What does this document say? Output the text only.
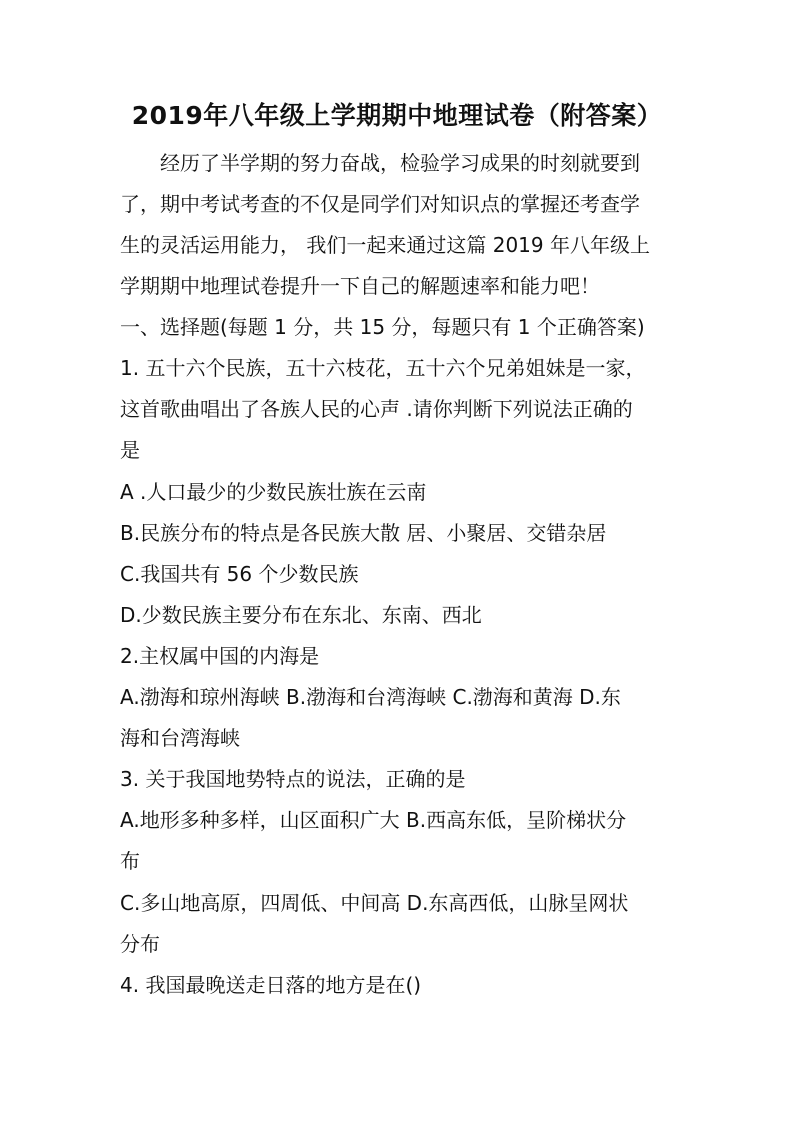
2019年八年级上学期期中地理试卷（附答案）
经历了半学期的努力奋战，检验学习成果的时刻就要到
了，期中考试考查的不仅是同学们对知识点的掌握还考查学
生的灵活运用能力， 我们一起来通过这篇 2019 年八年级上
学期期中地理试卷提升一下自己的解题速率和能力吧！
一、选择题(每题 1 分，共 15 分，每题只有 1 个正确答案)
1. 五十六个民族，五十六枝花，五十六个兄弟姐妹是一家，
这首歌曲唱出了各族人民的心声 .请你判断下列说法正确的
是
A .人口最少的少数民族壮族在云南
B.民族分布的特点是各民族大散 居、小聚居、交错杂居
C.我国共有 56 个少数民族
D.少数民族主要分布在东北、东南、西北
2.主权属中国的内海是
A.渤海和琼州海峡 B.渤海和台湾海峡 C.渤海和黄海 D.东
海和台湾海峡
3. 关于我国地势特点的说法，正确的是
A.地形多种多样，山区面积广大 B.西高东低，呈阶梯状分
布
C.多山地高原，四周低、中间高 D.东高西低，山脉呈网状
分布
4. 我国最晚送走日落的地方是在()
